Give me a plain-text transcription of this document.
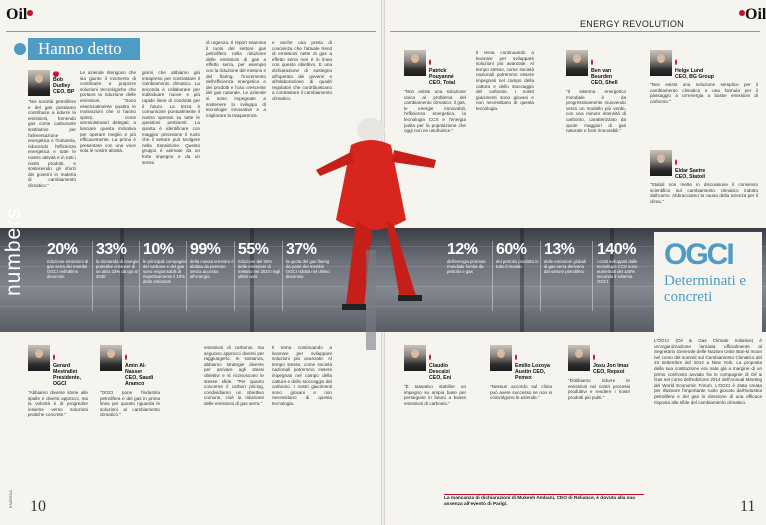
Oil	Oil
ENERGY REVOLUTION
Hanno detto
"
Bob Dudley
CEO, BP
"Noi società petrolifere e del gas possiamo contribuire a ridurre le emissioni, fornendo gas come carburante sostitutivo per l'alimentazione energetica e l'industria, riducendo l'efficienza energetica e tutte le nostre attività e in tutti i nostri prodotti, e sostenendo gli sforzi dei governi in materia di cambiamento climatico."
Le aziende ritengono che sia giunto il momento di contribuire e proporre soluzioni tecnologiche che portano la riduzione delle emissioni. "Sono essenzialmente quattro le motivazioni che ci hanno spinto, come amministratori delegati, a lanciare questa iniziativa per operare meglio e più efficacemente. La prima è presentare con una voce sola le nostre attività.
giorni che abbiamo già intrapreso per contrastare il cambiamento climatico. La seconda è collaborare per individuare nuove e più rapide linee di condotta per il futuro. La terza è comunicare puntualmente il nostro operato su tutte le questioni pertinenti. La quarta è identificare con maggior precisione il ruolo che il settore può svolgere nella transizione. Questo gruppo è animato da un forte impegno e da un senso
di urgenza. Il report esamina il ruolo del settore gas petrolifero nella riduzione delle emissioni di gas a effetto serra, per esempio con la riduzione del metano e del flaring, l'incremento dell'efficienza energetica e dei prodotti e l'uso crescente del gas naturale. Le aziende si sono impegnate a sostenere lo sviluppo di tecnologie innovative e a migliorare la trasparenza.
e anche una presa di coscienza che l'attuale trend di emissioni nette di gas a effetto serra non è in linea con questo obiettivo. E una dichiarazione di sostegno all'operato dei governi e all'elaborazione di quadri regolatori che contribuiscano a contrastare il cambiamento climatico.
"
Patrick Pouyanné
CEO, Total
"Non esiste una soluzione unica al problema del cambiamento climatico: il gas, le energie rinnovabili, l'efficienza energetica, la tecnologia CCS e l'energia pulita per la popolazione che oggi non ne usufruisce."

Il tema continuando a lavorare per sviluppare soluzioni più avanzate. Al tempo stesso, come società nazionali potremmo essere impegnati nel campo della cattura e dello stoccaggio del carbonio. I nostri giacimenti sono giovani e non necessitano di questa tecnologia.

"
Ben van Beurden
CEO, Shell
"Il sistema energetico mondiale è da progressivamente muovendo verso un modello più verde, con una minore intensità di carbonio, caratterizzato da quote maggiori di gas naturale e fonti rinnovabili."
"
Helge Lund
CEO, BG Group
"Non esiste una soluzione semplice per il cambiamento climatico e una formula per il passaggio a un'energia a basse emissioni di carbonio."
"
Eldar Saetre
CEO, Statoil
"Statoil non mette in discussione il consenso scientifico sul cambiamento climatico indotto dall'uomo. Abbracciamo la causa della scienza per il clima."
numbers 20%
riduzione emissioni di gas serra dei membri OGCI nell'ultimo decennio
33%
la domanda di energia potrebbe crescere di un altro 33% da qui al 2030
10%
le principali compagnie del carbone e del gas sono responsabili di rispettivamente il 10% delle emissioni
99%
della massa terrestre è abitata da persone senza accesso all'energia
55%
riduzione del 55% delle emissioni di metano nel 2010 negli ultimi anni
37%
la quota del gas flaring da parte dei membri OGCI ridotta nel ultimo decennio
12%
dell'energia primaria mondiale fornita da petrolio e gas
60%
del petrolio prodotto in tutto il mondo
13%
delle emissioni globali di gas serra derivano dal settore petrolifero
140%
i costi sviluppati dalle tecnologie CCS sono aumentati del 140% secondo il sistema OGCI
OGCI
Determinati e concreti
L'OGCI (Oil & Gas Climate Initiative) è un'organizzazione lanciata ufficialmente al Segretario Generale delle Nazioni Unite Ban-ki moon nel corso del summit sul Cambiamento Climatico del 23 settembre del 2014 a New York. La proposta della sua costituzione era nata già a margine di un primo confronto avviato fra le compagnie di Oil & Gas nel corso dell'edizione 2014 dell'Annual Meeting del World Economic Forum. L'OGCI è stata creata per illustrare l'importante ruolo giocato dall'industria petrolifera e del gas in direzione di una efficace risposta alle sfide del cambiamento climatico.
"
Gerard Mestrallet
Presidente, OGCI
"Abbiamo diverse storie alle spalle e diversi approcci, ma la volontà è di progredire insieme verso soluzioni pratiche concrete."
"
Amin Al-Nasser
CEO, Saudi Aramco
"OGCI pone l'industria petrolifera e del gas in prima linea per quanto riguarda le soluzioni al cambiamento climatico."
emissioni di carbonio, ma seguono approcci diversi per raggiungerlo. In sostanza, abbiamo strategie diverse per arrivare agli stessi obiettivi e si riconoscono le stesse sfide. "Per quanto concerne il carbon pricing, condividiamo un obiettivo comune, cioè la riduzione delle emissioni di gas serra."
Il tema continuando a lavorare per sviluppare soluzioni più avanzate. Al tempo stesso, come società nazionali potremmo essere impegnati nel campo della cattura e dello stoccaggio del carbonio. I nostri giacimenti sono giovani e non necessitano di questa tecnologia.
"
Claudio Descalzi
CEO, Eni
"È tassativo stabilire un impegno su ampia base per perseguire in futuro a basse emissioni di carbonio."
"
Emilio Lozoya
Austin CEO, Pemex
"Nessun accordo sul clima può avere successo se non si coinvolgono le aziende."
"
Josu Jon Imaz
CEO, Repsol
"Dobbiamo ridurre le emissioni nei nostri processi produttivi e rendere i nostri prodotti più puliti."
La mancanza di dichiarazioni di Mukesh Ambani, CEO di Reliance, è dovuta alla sua assenza all'evento di Parigi.
ENERGIA 10	11
